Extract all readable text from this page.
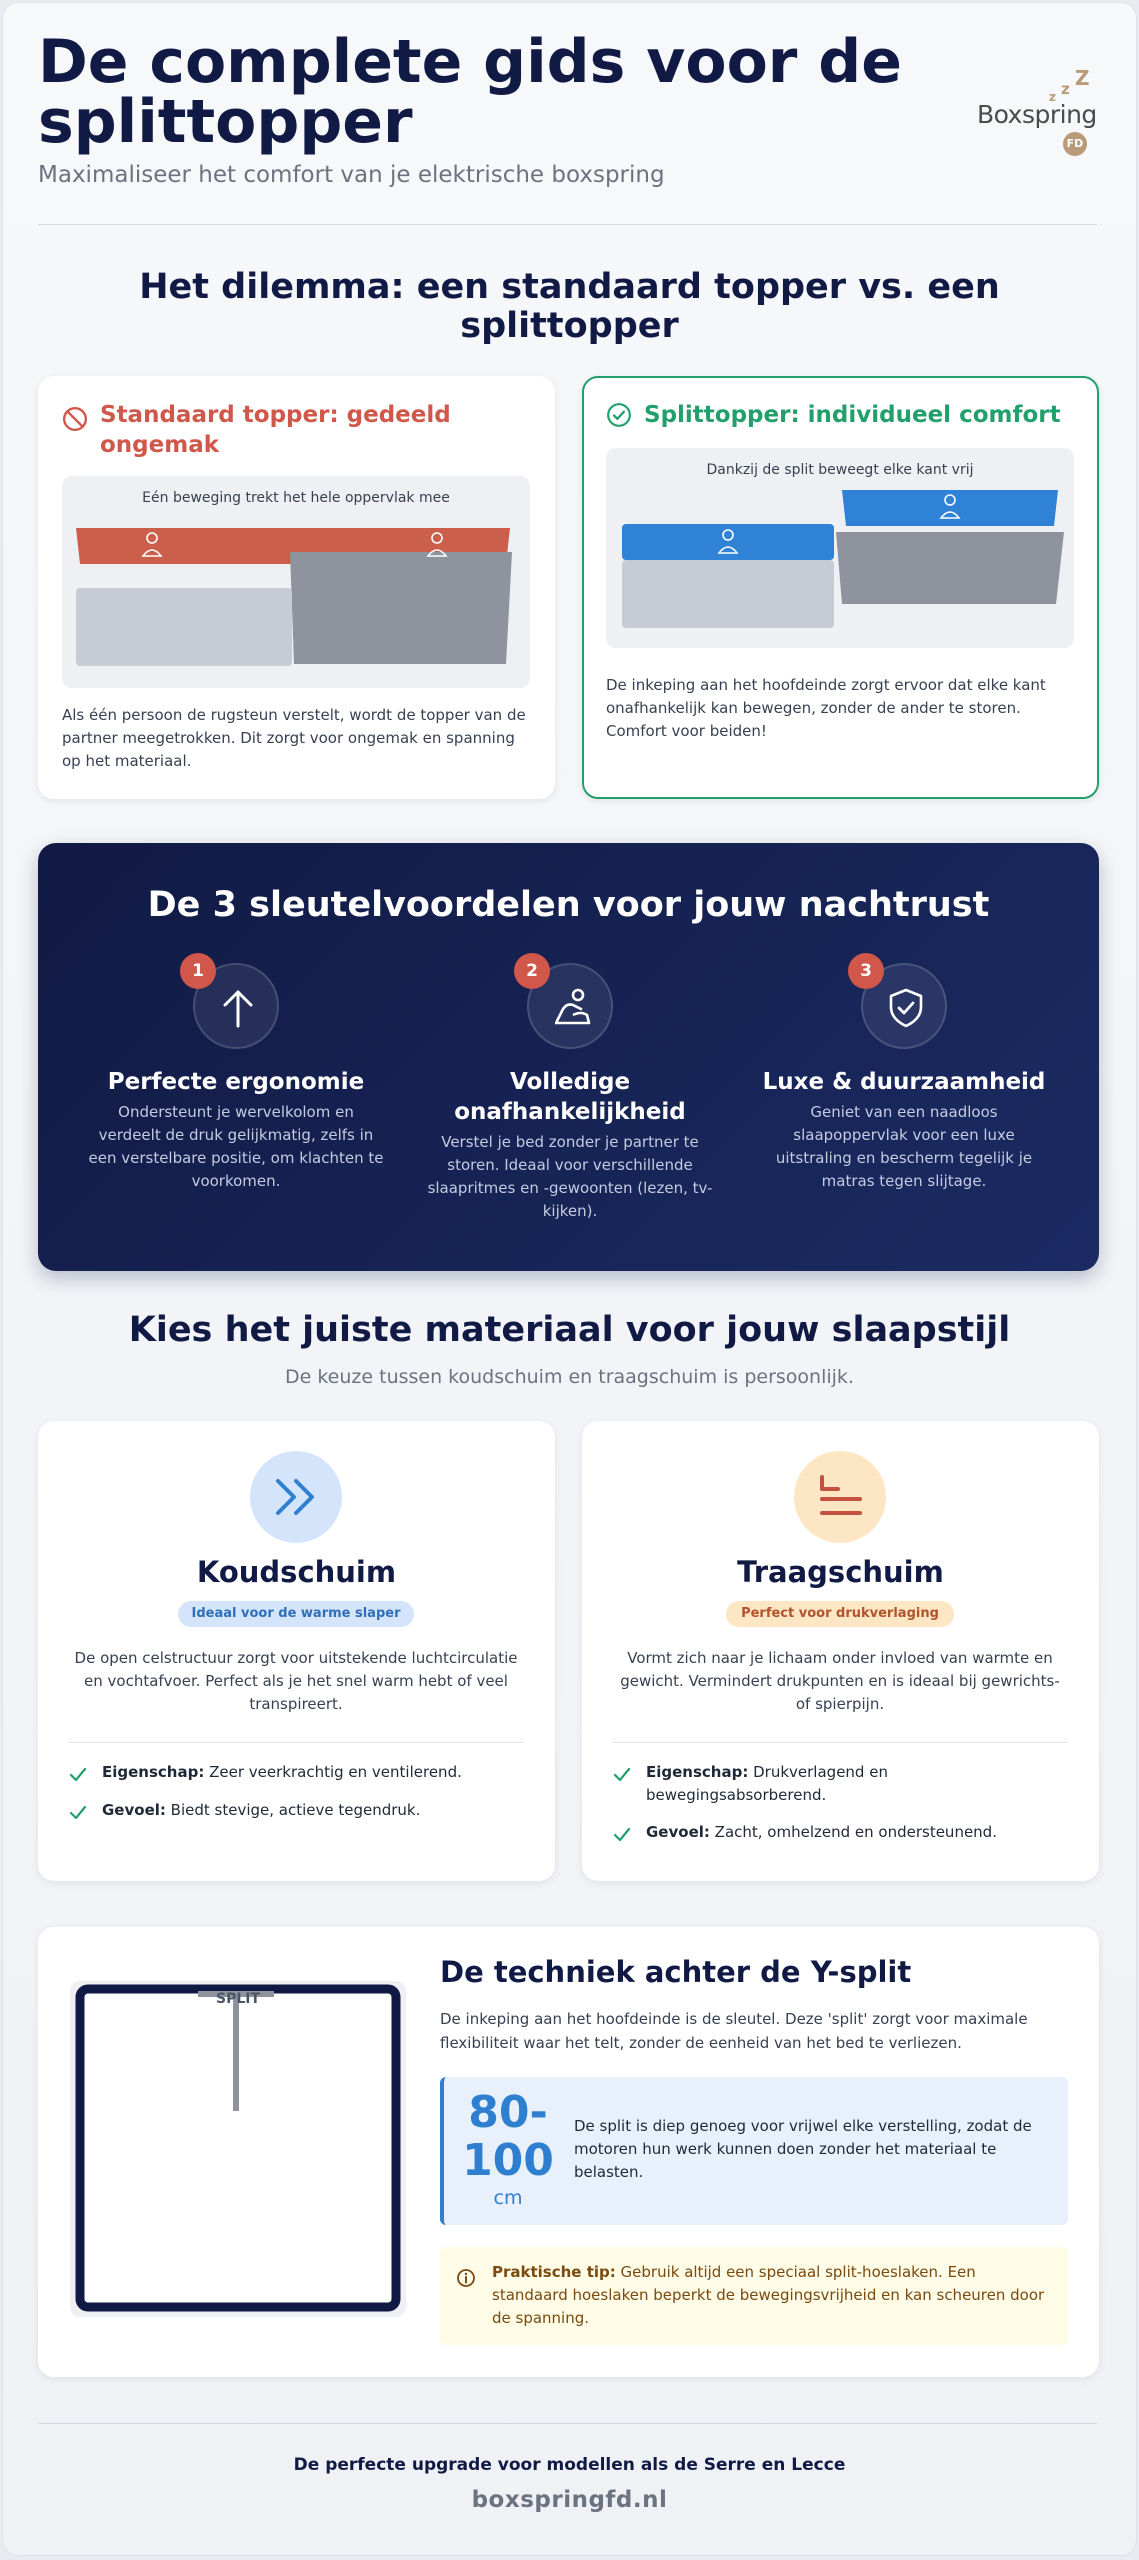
De complete gids voor de splittopper
Maximaliseer het comfort van je elektrische boxspring
z z Z
Boxspring
FD
Het dilemma: een standaard topper vs. een splittopper
Standaard topper: gedeeld ongemak
Eén beweging trekt het hele oppervlak mee
Als één persoon de rugsteun verstelt, wordt de topper van de partner meegetrokken. Dit zorgt voor ongemak en spanning op het materiaal.
Splittopper: individueel comfort
Dankzij de split beweegt elke kant vrij
De inkeping aan het hoofdeinde zorgt ervoor dat elke kant onafhankelijk kan bewegen, zonder de ander te storen. Comfort voor beiden!
De 3 sleutelvoordelen voor jouw nachtrust
1
Perfecte ergonomie
Ondersteunt je wervelkolom en verdeelt de druk gelijkmatig, zelfs in een verstelbare positie, om klachten te voorkomen.
2
Volledige onafhankelijkheid
Verstel je bed zonder je partner te storen. Ideaal voor verschillende slaapritmes en -gewoonten (lezen, tv-kijken).
3
Luxe & duurzaamheid
Geniet van een naadloos slaapoppervlak voor een luxe uitstraling en bescherm tegelijk je matras tegen slijtage.
Kies het juiste materiaal voor jouw slaapstijl
De keuze tussen koudschuim en traagschuim is persoonlijk.
Koudschuim
Ideaal voor de warme slaper
De open celstructuur zorgt voor uitstekende luchtcirculatie en vochtafvoer. Perfect als je het snel warm hebt of veel transpireert.
Eigenschap: Zeer veerkrachtig en ventilerend.
Gevoel: Biedt stevige, actieve tegendruk.
Traagschuim
Perfect voor drukverlaging
Vormt zich naar je lichaam onder invloed van warmte en gewicht. Vermindert drukpunten en is ideaal bij gewrichts- of spierpijn.
Eigenschap: Drukverlagend en bewegingsabsorberend.
Gevoel: Zacht, omhelzend en ondersteunend.
SPLIT
De techniek achter de Y-split
De inkeping aan het hoofdeinde is de sleutel. Deze 'split' zorgt voor maximale flexibiliteit waar het telt, zonder de eenheid van het bed te verliezen.
80-100
cm
De split is diep genoeg voor vrijwel elke verstelling, zodat de motoren hun werk kunnen doen zonder het materiaal te belasten.
Praktische tip: Gebruik altijd een speciaal split-hoeslaken. Een standaard hoeslaken beperkt de bewegingsvrijheid en kan scheuren door de spanning.
De perfecte upgrade voor modellen als de Serre en Lecce
boxspringfd.nl
